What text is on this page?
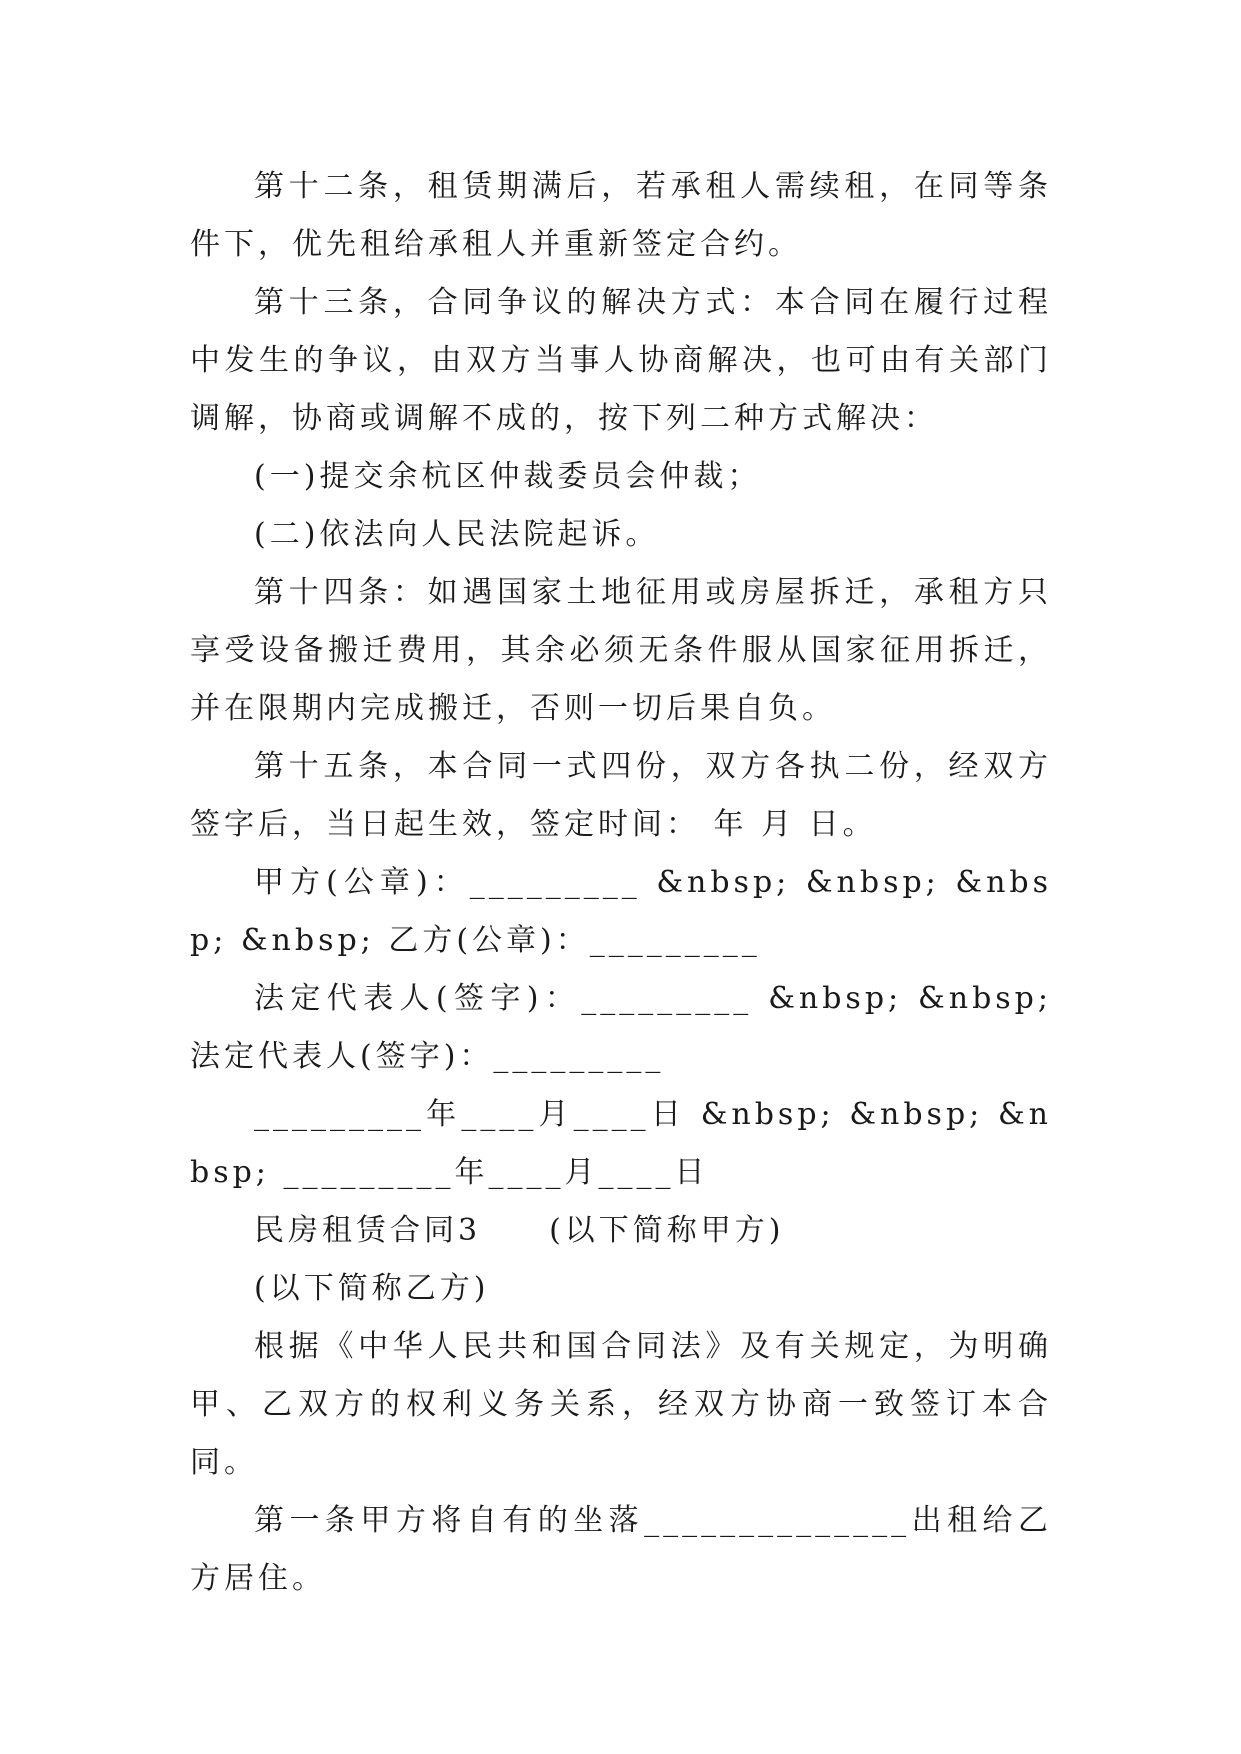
第十二条，租赁期满后，若承租人需续租，在同等条件下，优先租给承租人并重新签定合约。

第十三条，合同争议的解决方式：本合同在履行过程中发生的争议，由双方当事人协商解决，也可由有关部门调解，协商或调解不成的，按下列二种方式解决：

(一)提交余杭区仲裁委员会仲裁；

(二)依法向人民法院起诉。

第十四条：如遇国家土地征用或房屋拆迁，承租方只享受设备搬迁费用，其余必须无条件服从国家征用拆迁，并在限期内完成搬迁，否则一切后果自负。

第十五条，本合同一式四份，双方各执二份，经双方签字后，当日起生效，签定时间： 年 月 日。

甲方(公章)：_________ &nbsp; &nbsp; &nbsp; &nbsp; 乙方(公章)：_________

法定代表人(签字)：_________ &nbsp; &nbsp; 法定代表人(签字)：_________

_________年____月____日 &nbsp; &nbsp; &nbsp; _________年____月____日

民房租赁合同3　　(以下简称甲方)

(以下简称乙方)

根据《中华人民共和国合同法》及有关规定，为明确甲、乙双方的权利义务关系，经双方协商一致签订本合同。

第一条甲方将自有的坐落______________出租给乙方居住。
